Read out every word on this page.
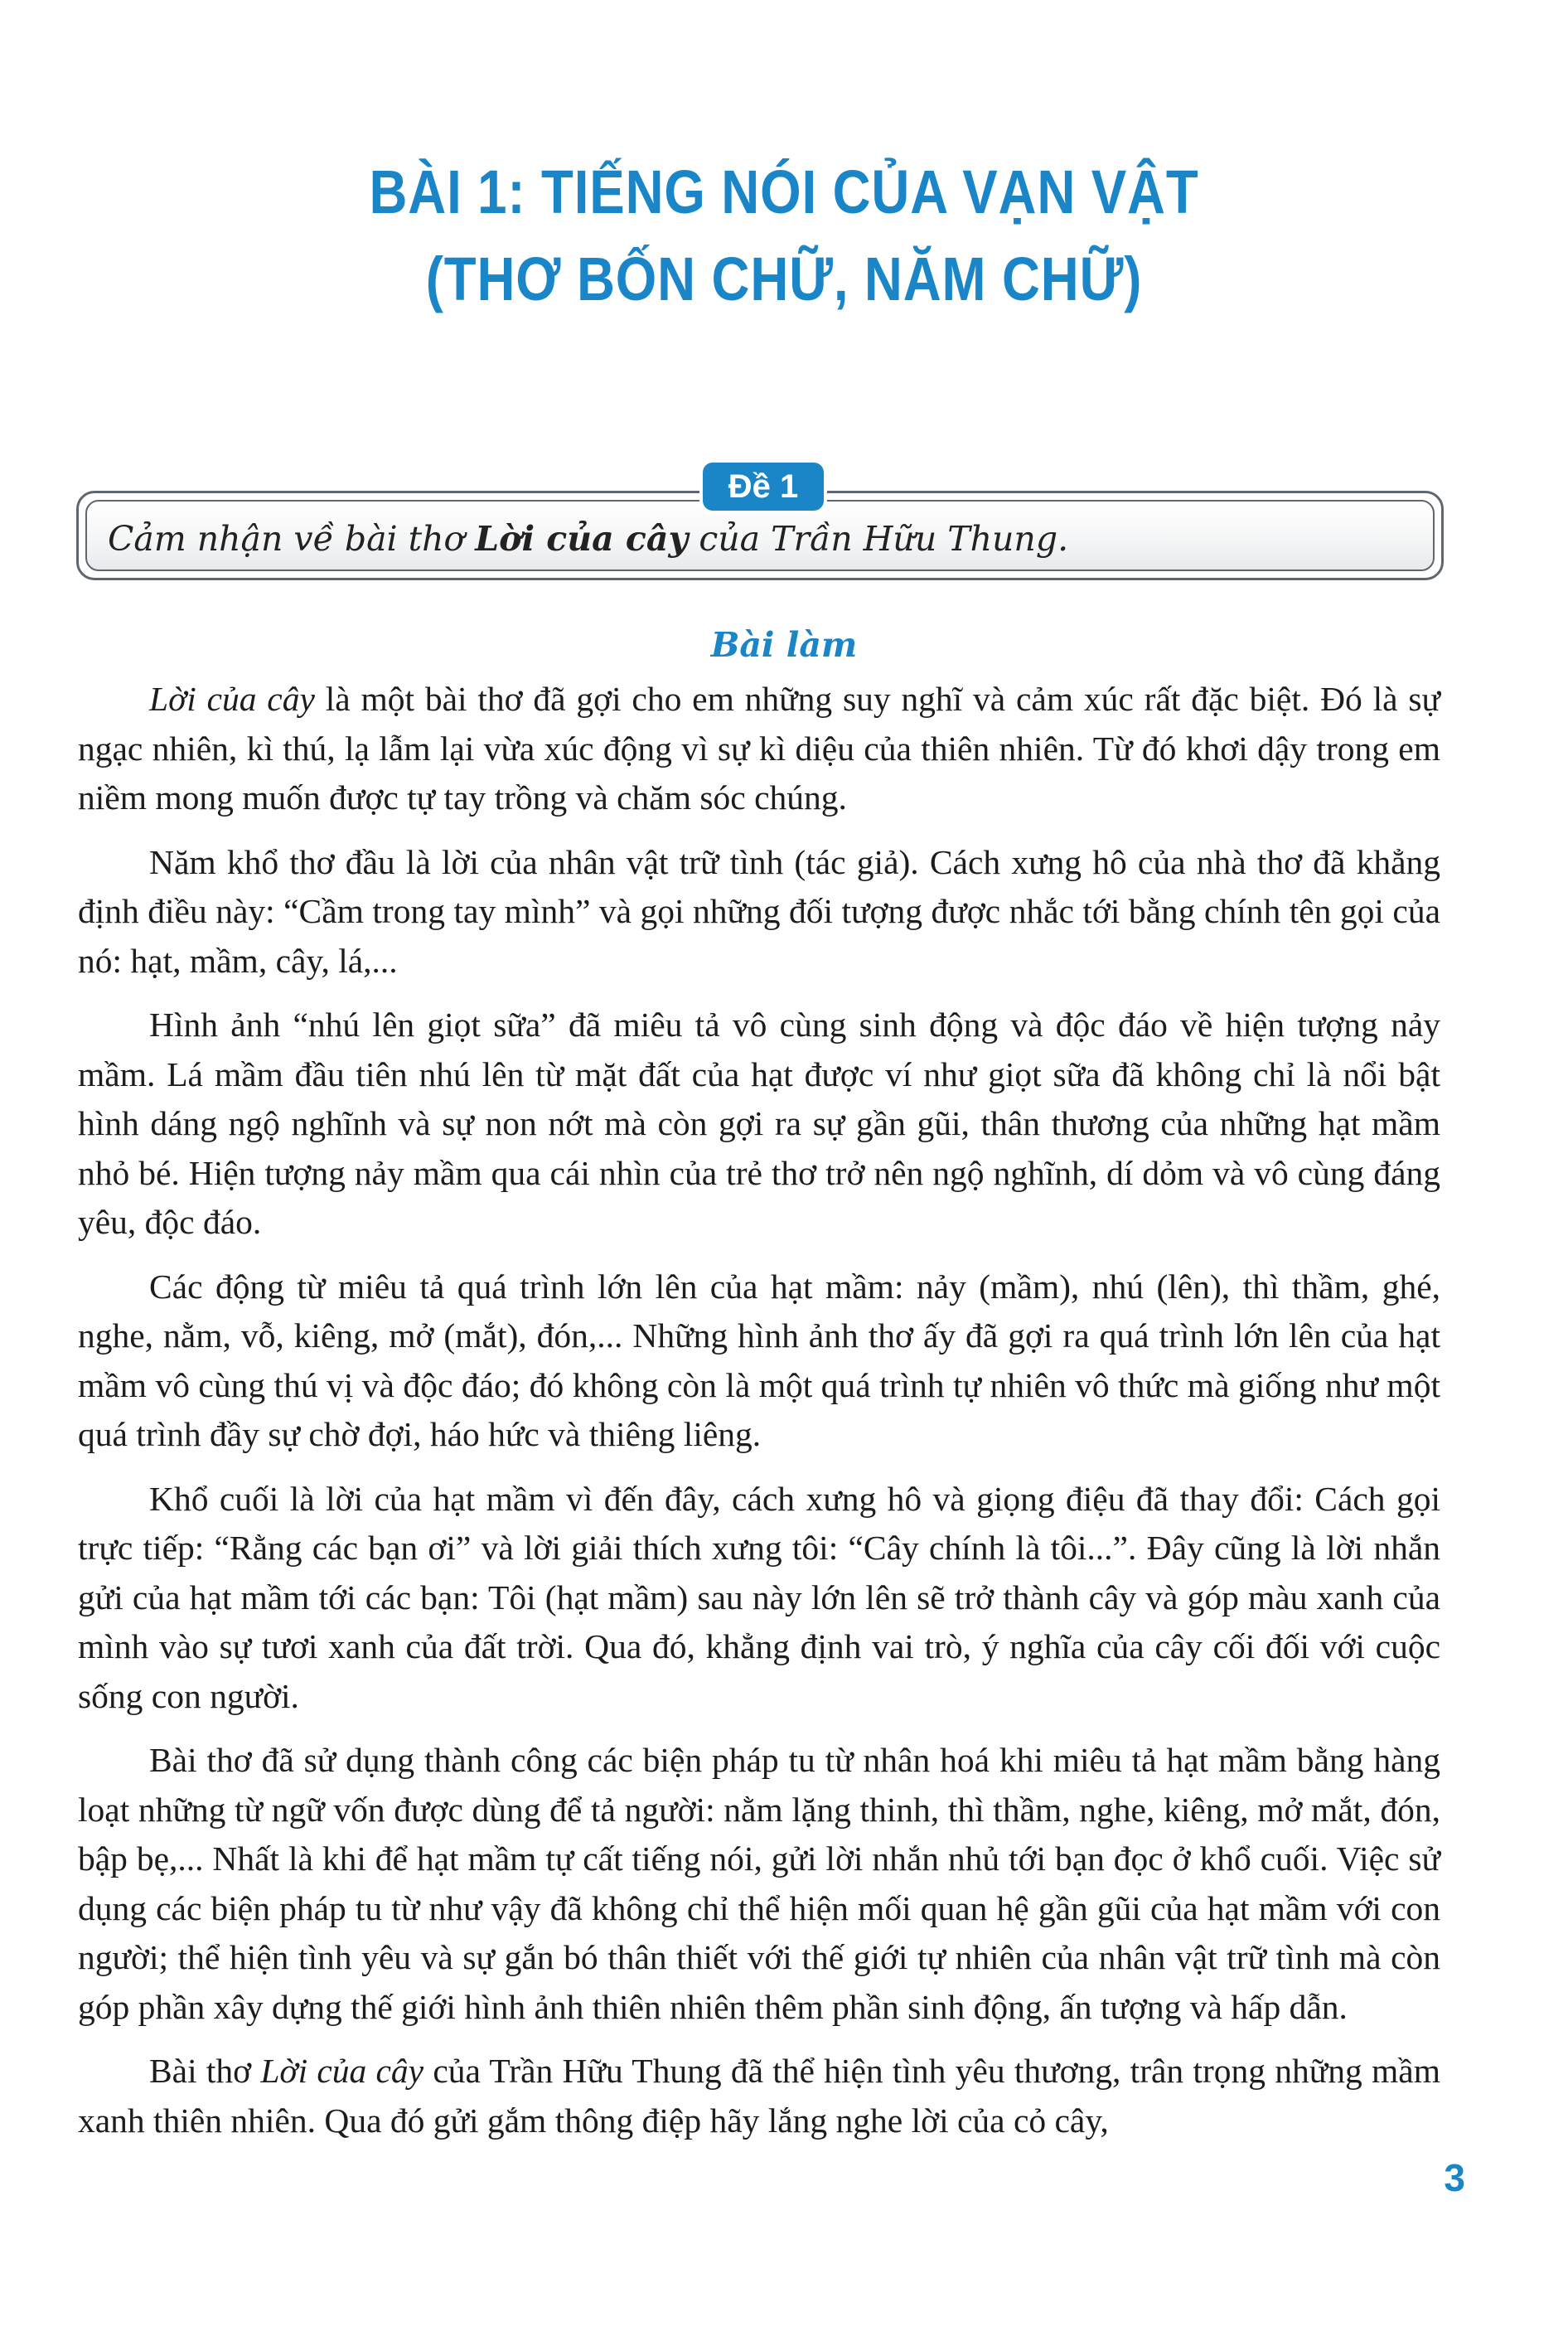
BÀI 1: TIẾNG NÓI CỦA VẠN VẬT
(THƠ BỐN CHỮ, NĂM CHỮ)
Đề 1
Cảm nhận về bài thơ Lời của cây của Trần Hữu Thung.
Bài làm

Lời của cây là một bài thơ đã gợi cho em những suy nghĩ và cảm xúc rất đặc biệt. Đó là sự ngạc nhiên, kì thú, lạ lẫm lại vừa xúc động vì sự kì diệu của thiên nhiên. Từ đó khơi dậy trong em niềm mong muốn được tự tay trồng và chăm sóc chúng.

Năm khổ thơ đầu là lời của nhân vật trữ tình (tác giả). Cách xưng hô của nhà thơ đã khẳng định điều này: “Cầm trong tay mình” và gọi những đối tượng được nhắc tới bằng chính tên gọi của nó: hạt, mầm, cây, lá,...

Hình ảnh “nhú lên giọt sữa” đã miêu tả vô cùng sinh động và độc đáo về hiện tượng nảy mầm. Lá mầm đầu tiên nhú lên từ mặt đất của hạt được ví như giọt sữa đã không chỉ là nổi bật hình dáng ngộ nghĩnh và sự non nớt mà còn gợi ra sự gần gũi, thân thương của những hạt mầm nhỏ bé. Hiện tượng nảy mầm qua cái nhìn của trẻ thơ trở nên ngộ nghĩnh, dí dỏm và vô cùng đáng yêu, độc đáo.

Các động từ miêu tả quá trình lớn lên của hạt mầm: nảy (mầm), nhú (lên), thì thầm, ghé, nghe, nằm, vỗ, kiêng, mở (mắt), đón,... Những hình ảnh thơ ấy đã gợi ra quá trình lớn lên của hạt mầm vô cùng thú vị và độc đáo; đó không còn là một quá trình tự nhiên vô thức mà giống như một quá trình đầy sự chờ đợi, háo hức và thiêng liêng.

Khổ cuối là lời của hạt mầm vì đến đây, cách xưng hô và giọng điệu đã thay đổi: Cách gọi trực tiếp: “Rằng các bạn ơi” và lời giải thích xưng tôi: “Cây chính là tôi...”. Đây cũng là lời nhắn gửi của hạt mầm tới các bạn: Tôi (hạt mầm) sau này lớn lên sẽ trở thành cây và góp màu xanh của mình vào sự tươi xanh của đất trời. Qua đó, khẳng định vai trò, ý nghĩa của cây cối đối với cuộc sống con người.

Bài thơ đã sử dụng thành công các biện pháp tu từ nhân hoá khi miêu tả hạt mầm bằng hàng loạt những từ ngữ vốn được dùng để tả người: nằm lặng thinh, thì thầm, nghe, kiêng, mở mắt, đón, bập bẹ,... Nhất là khi để hạt mầm tự cất tiếng nói, gửi lời nhắn nhủ tới bạn đọc ở khổ cuối. Việc sử dụng các biện pháp tu từ như vậy đã không chỉ thể hiện mối quan hệ gần gũi của hạt mầm với con người; thể hiện tình yêu và sự gắn bó thân thiết với thế giới tự nhiên của nhân vật trữ tình mà còn góp phần xây dựng thế giới hình ảnh thiên nhiên thêm phần sinh động, ấn tượng và hấp dẫn.

Bài thơ Lời của cây của Trần Hữu Thung đã thể hiện tình yêu thương, trân trọng những mầm xanh thiên nhiên. Qua đó gửi gắm thông điệp hãy lắng nghe lời của cỏ cây,

3
